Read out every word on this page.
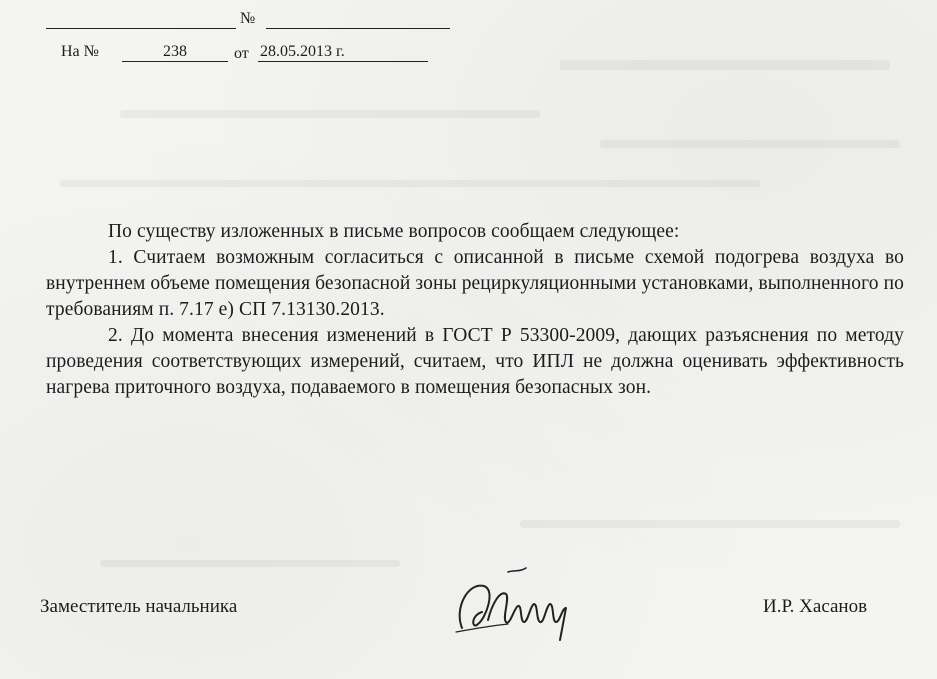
№
На №	238	от 28.05.2013 г.

По существу изложенных в письме вопросов сообщаем следующее:

1. Считаем возможным согласиться с описанной в письме схемой подогрева воздуха во внутреннем объеме помещения безопасной зоны рециркуляционными установками, выполненного по требованиям п. 7.17 е) СП 7.13130.2013.

2. До момента внесения изменений в ГОСТ Р 53300-2009, дающих разъяснения по методу проведения соответствующих измерений, считаем, что ИПЛ не должна оценивать эффективность нагрева приточного воздуха, подаваемого в помещения безопасных зон.

Заместитель начальника	И.Р. Хасанов
